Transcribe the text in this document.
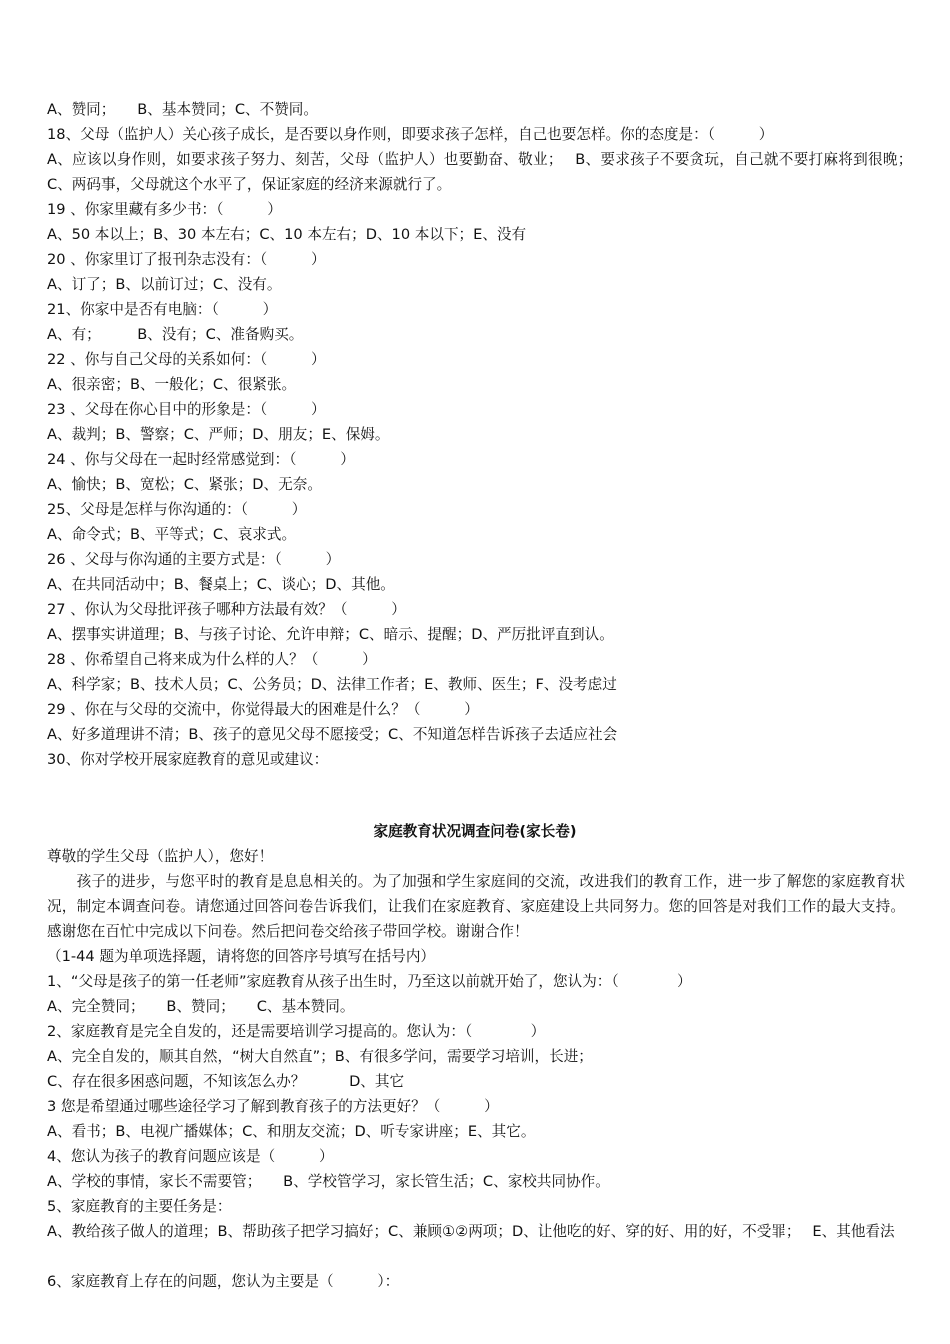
A、赞同；　　B、基本赞同；C、不赞同。
18、父母（监护人）关心孩子成长，是否要以身作则，即要求孩子怎样，自己也要怎样。你的态度是：（　　　）
A、应该以身作则，如要求孩子努力、刻苦，父母（监护人）也要勤奋、敬业；　 B、要求孩子不要贪玩，自己就不要打麻将到很晚；　 C、两码事，父母就这个水平了，保证家庭的经济来源就行了。
19 、你家里藏有多少书：（　　　）
A、50 本以上；B、30 本左右；C、10 本左右；D、10 本以下；E、没有
20 、你家里订了报刊杂志没有：（　　　）
A、订了；B、以前订过；C、没有。
21、你家中是否有电脑：（　　　）
A、有；　　　B、没有；C、准备购买。
22 、你与自己父母的关系如何：（　　　）
A、很亲密；B、一般化；C、很紧张。
23 、父母在你心目中的形象是：（　　　）
A、裁判；B、警察；C、严师；D、朋友；E、保姆。
24 、你与父母在一起时经常感觉到：（　　　）
A、愉快；B、宽松；C、紧张；D、无奈。
25、父母是怎样与你沟通的：（　　　）
A、命令式；B、平等式；C、哀求式。
26 、父母与你沟通的主要方式是：（　　　）
A、在共同活动中；B、餐桌上；C、谈心；D、其他。
27 、你认为父母批评孩子哪种方法最有效？（　　　）
A、摆事实讲道理；B、与孩子讨论、允许申辩；C、暗示、提醒；D、严厉批评直到认。
28 、你希望自己将来成为什么样的人？（　　　）
A、科学家；B、技术人员；C、公务员；D、法律工作者；E、教师、医生；F、没考虑过
29 、你在与父母的交流中，你觉得最大的困难是什么？（　　　）
A、好多道理讲不清；B、孩子的意见父母不愿接受；C、不知道怎样告诉孩子去适应社会
30、你对学校开展家庭教育的意见或建议：
家庭教育状况调查问卷(家长卷)
尊敬的学生父母（监护人），您好！
　　孩子的进步，与您平时的教育是息息相关的。为了加强和学生家庭间的交流，改进我们的教育工作，进一步了解您的家庭教育状况，制定本调查问卷。请您通过回答问卷告诉我们，让我们在家庭教育、家庭建设上共同努力。您的回答是对我们工作的最大支持。感谢您在百忙中完成以下问卷。然后把问卷交给孩子带回学校。谢谢合作！
（1-44 题为单项选择题，请将您的回答序号填写在括号内）
1、“父母是孩子的第一任老师”家庭教育从孩子出生时，乃至这以前就开始了，您认为：（　　　　）
A、完全赞同；　　B、赞同；　　C、基本赞同。
2、家庭教育是完全自发的，还是需要培训学习提高的。您认为：（　　　　）
A、完全自发的，顺其自然，“树大自然直”；B、有很多学问，需要学习培训，长进；
C、存在很多困惑问题，不知该怎么办？　　　D、其它
3 您是希望通过哪些途径学习了解到教育孩子的方法更好？（　　　）
A、看书；B、电视广播媒体；C、和朋友交流；D、听专家讲座；E、其它。
4、您认为孩子的教育问题应该是（　　　）
A、学校的事情，家长不需要管；　　B、学校管学习，家长管生活；C、家校共同协作。
5、家庭教育的主要任务是：
A、教给孩子做人的道理；B、帮助孩子把学习搞好；C、兼顾①②两项；D、让他吃的好、穿的好、用的好，不受罪；　 E、其他看法
6、家庭教育上存在的问题，您认为主要是（　　　）：
